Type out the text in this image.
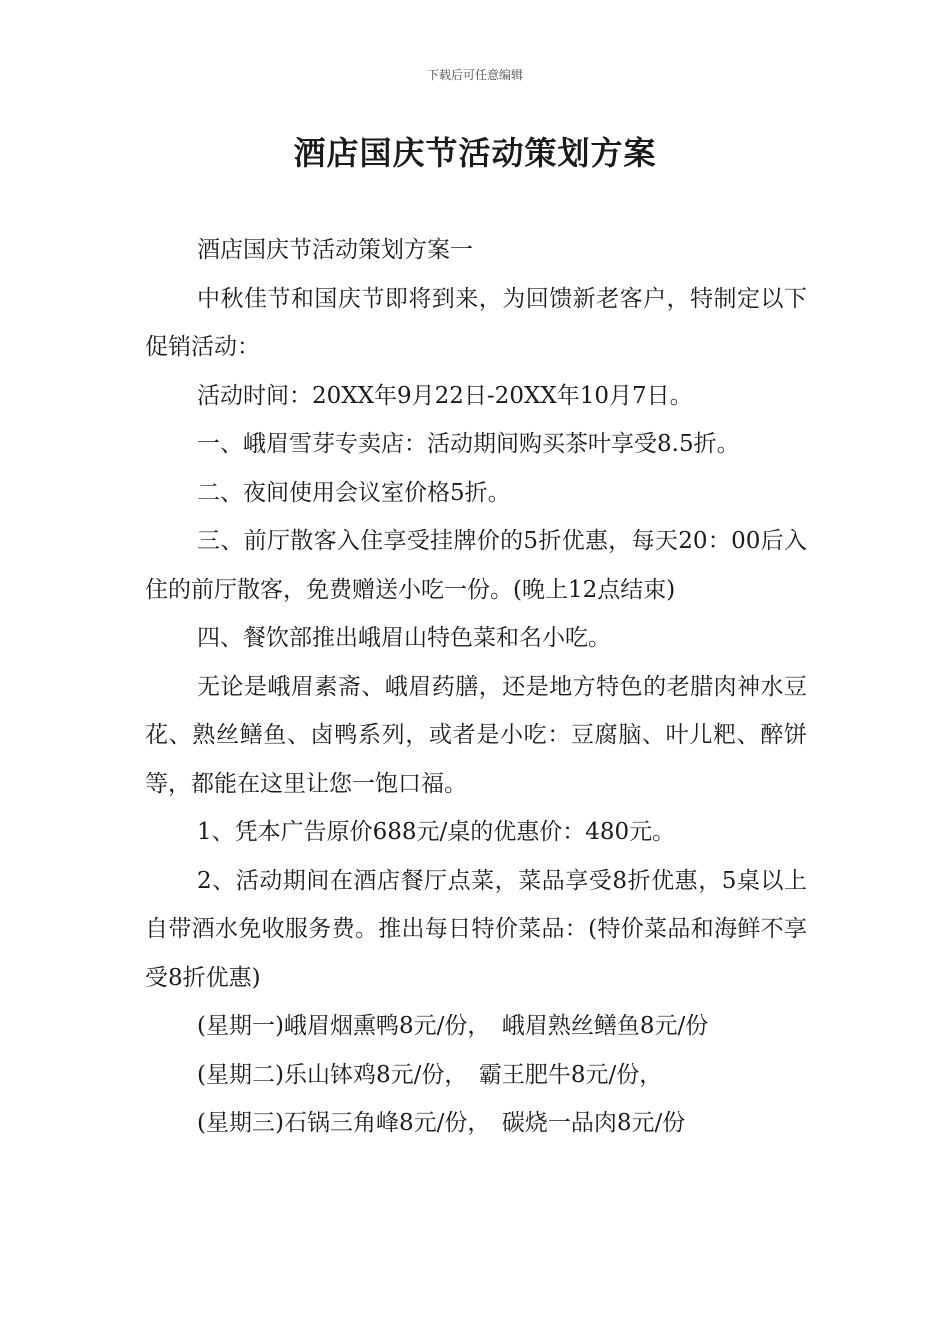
下载后可任意编辑
酒店国庆节活动策划方案

酒店国庆节活动策划方案一

中秋佳节和国庆节即将到来，为回馈新老客户，特制定以下促销活动：

活动时间：20XX年9月22日-20XX年10月7日。

一、峨眉雪芽专卖店：活动期间购买茶叶享受8.5折。

二、夜间使用会议室价格5折。

三、前厅散客入住享受挂牌价的5折优惠，每天20：00后入住的前厅散客，免费赠送小吃一份。(晚上12点结束)

四、餐饮部推出峨眉山特色菜和名小吃。

无论是峨眉素斋、峨眉药膳，还是地方特色的老腊肉神水豆花、熟丝鳝鱼、卤鸭系列，或者是小吃：豆腐脑、叶儿粑、醉饼等，都能在这里让您一饱口福。

1、凭本广告原价688元/桌的优惠价：480元。

2、活动期间在酒店餐厅点菜，菜品享受8折优惠，5桌以上自带酒水免收服务费。推出每日特价菜品：(特价菜品和海鲜不享受8折优惠)

(星期一)峨眉烟熏鸭8元/份，　峨眉熟丝鳝鱼8元/份

(星期二)乐山钵鸡8元/份，　霸王肥牛8元/份，

(星期三)石锅三角峰8元/份，　碳烧一品肉8元/份
